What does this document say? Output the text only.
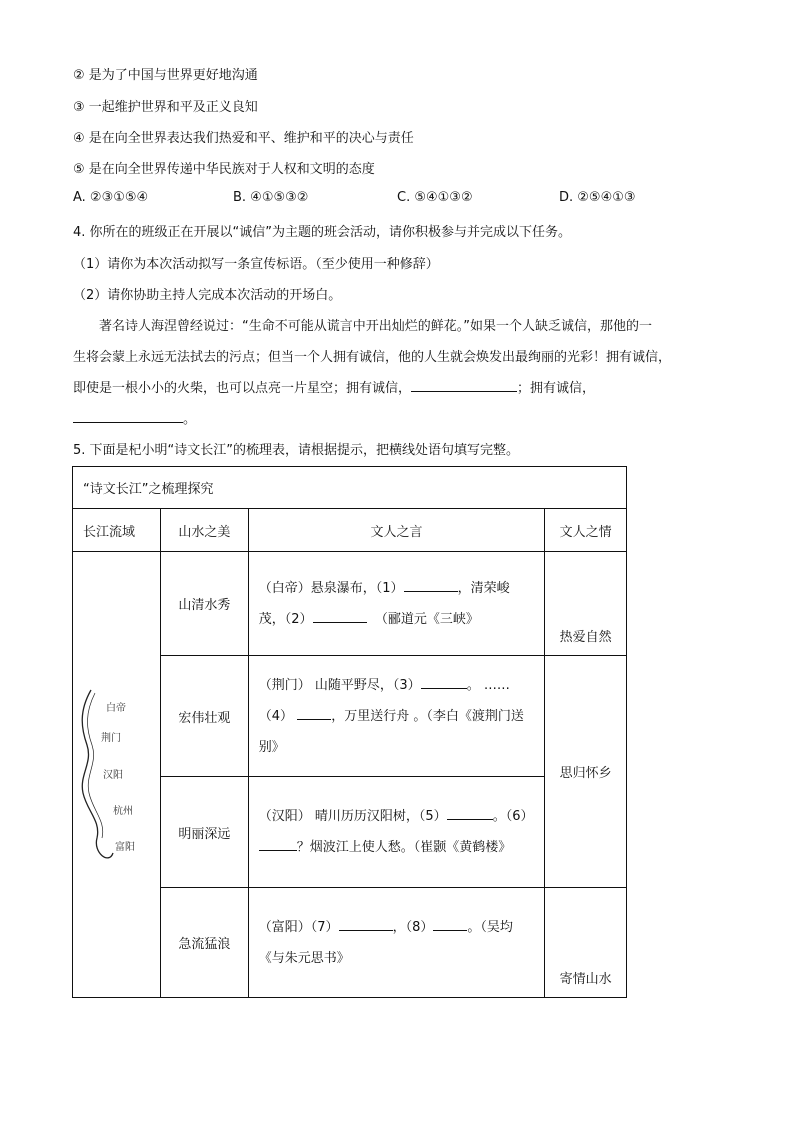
② 是为了中国与世界更好地沟通
③ 一起维护世界和平及正义良知
④ 是在向全世界表达我们热爱和平、维护和平的决心与责任
⑤ 是在向全世界传递中华民族对于人权和文明的态度
A. ②③①⑤④	B. ④①⑤③②	C. ⑤④①③②	D. ②⑤④①③
4. 你所在的班级正在开展以“诚信”为主题的班会活动，请你积极参与并完成以下任务。
（1）请你为本次活动拟写一条宣传标语。（至少使用一种修辞）
（2）请你协助主持人完成本次活动的开场白。

著名诗人海涅曾经说过：“生命不可能从谎言中开出灿烂的鲜花。”如果一个人缺乏诚信，那他的一

生将会蒙上永远无法拭去的污点；但当一个人拥有诚信，他的人生就会焕发出最绚丽的光彩！拥有诚信，

即使是一根小小的火柴，也可以点亮一片星空；拥有诚信，	；拥有诚信，

。

5. 下面是杞小明“诗文长江”的梳理表，请根据提示，把横线处语句填写完整。
“诗文长江”之梳理探究			
长江流域	山水之美	文人之言	文人之情

白帝
荆门
汉阳
杭州
富阳	山清水秀	（白帝）悬泉瀑布，（1） ，清荣峻茂，（2） （郦道元《三峡》	热爱自然
	宏伟壮观	（荆门） 山随平野尽，（3） 。 ……（4） ，万里送行舟 。（李白《渡荆门送别》	思归怀乡
	明丽深远	（汉阳） 晴川历历汉阳树，（5） 。（6）？烟波江上使人愁。（崔颢《黄鹤楼》	
	急流猛浪	（富阳）（7） ，（8） 。（吴均《与朱元思书》	寄情山水
